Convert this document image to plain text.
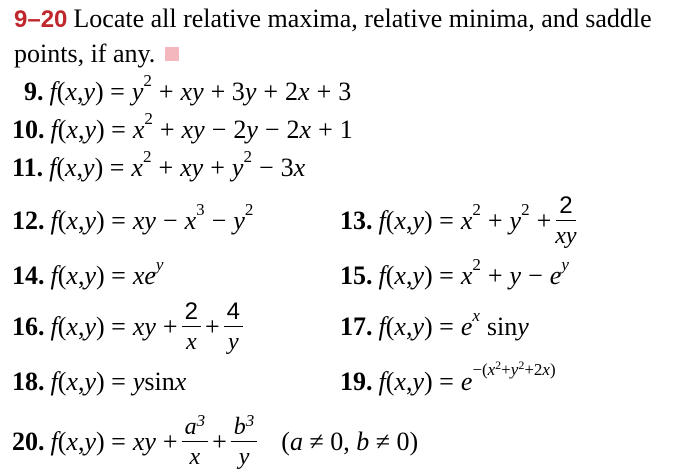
9–20 Locate all relative maxima, relative minima, and saddle points, if any.
9. f ( x , y ) = $y^2$ + xy + 3 y +
2 x +
3
10. f ( x , y ) = $x^2$ + xy −
2 y −
2 x +
1
11. f ( x , y ) = $x^2$ + xy + $y^2$ −
3 x
12. f ( x , y ) = xy − $x^3 - y^2$	13. f ( x , y ) = $x^2 + y^2 + \frac{2}{xy}$
14. f ( x , y ) = $xe^y$	15. f ( x , y ) = $x^2 + y - e^y$
16. f ( x , y ) = xy + $\frac{2}{x} + \frac{4}{y}$	17. f ( x , y ) = $e^x$ sin y
18. f ( x , y ) = y sin x	19. f ( x , y ) = $e^{-(x^2+y^2+2x)}$
20. f ( x , y ) = xy + $\frac{a^3}{x} + \frac{b^3}{y} (a \ne 0$, b ≠ 0)
